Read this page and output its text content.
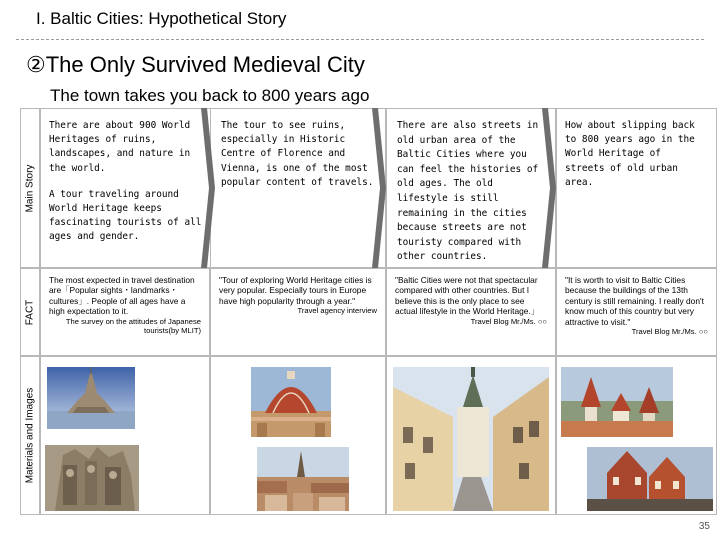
I. Baltic Cities: Hypothetical Story
②The Only Survived Medieval City
The town takes you back to 800 years ago
Main Story
FACT
Materials and Images

There are about 900 World Heritages of ruins, landscapes, and nature in the world.

A tour traveling around World Heritage keeps fascinating tourists of all ages and gender.

The tour to see ruins, especially in Historic Centre of Florence and Vienna, is one of the most popular content of travels.

There are also streets in old urban area of the Baltic Cities where you can feel the histories of old ages. The old lifestyle is still remaining in the cities because streets are not touristy compared with other countries.

How about slipping back to 800 years ago in the World Heritage of streets of old urban area.

The most expected in travel destination are「Popular sights・landmarks・cultures」. People of all ages have a high expectation to it.
The survey on the attitudes of Japanese tourists(by MLIT)
"Tour of exploring World Heritage cities is very popular. Especially tours in Europe have high popularity through a year."
Travel agency interview
"Baltic Cities were not that spectacular compared with other countries. But I believe this is the only place to see actual lifestyle in the World Heritage.」
Travel Blog Mr./Ms. ○○
"It is worth to visit to Baltic Cities because the buildings of the 13th century is still remaining. I really don't know much of this country but very attractive to visit."
Travel Blog Mr./Ms. ○○
35
